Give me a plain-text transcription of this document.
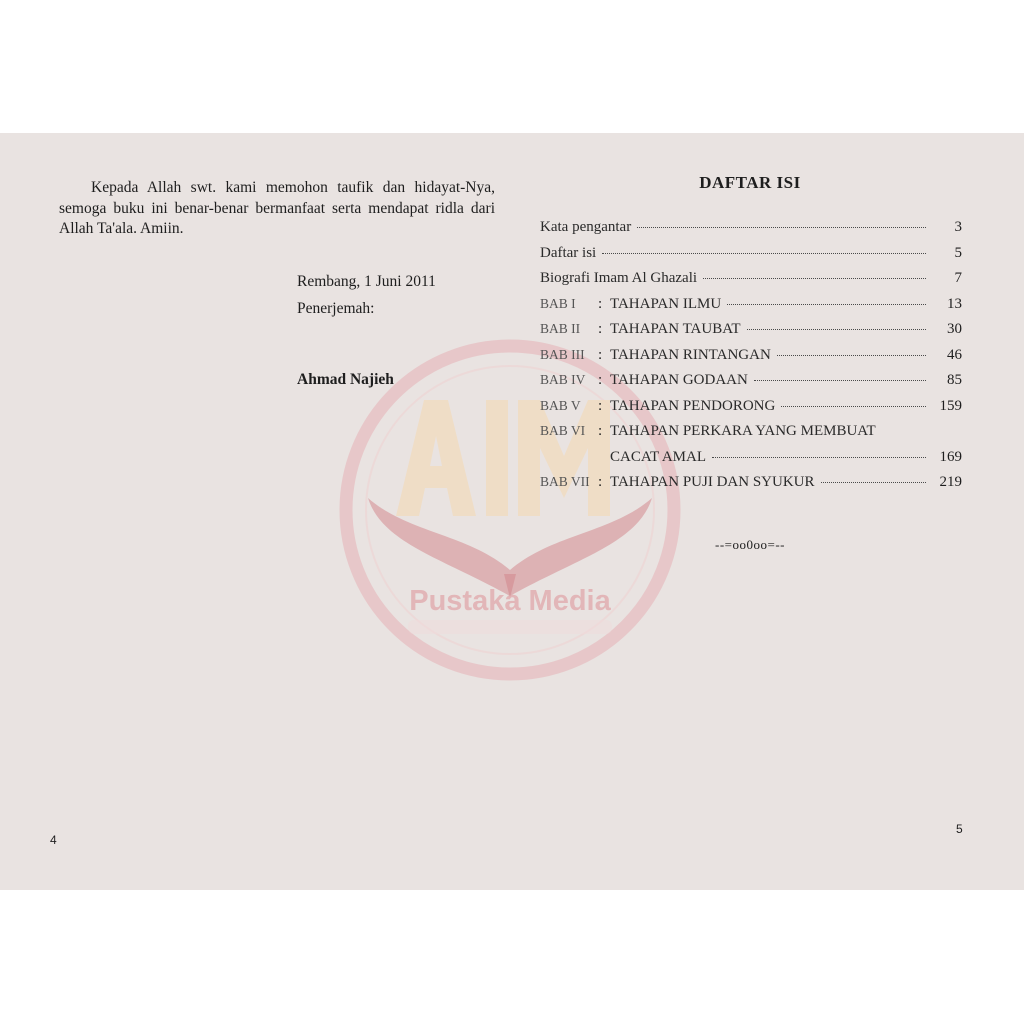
Pustaka Media

Kepada Allah swt. kami memohon taufik dan hidayat-Nya, semoga buku ini benar-benar bermanfaat serta mendapat ridla dari Allah Ta'ala. Amiin.

Rembang, 1 Juni 2011

Penerjemah:

Ahmad Najieh

4

DAFTAR ISI
Kata pengantar	3
Daftar isi	5
Biografi Imam Al Ghazali	7
BAB I	: TAHAPAN ILMU	13
BAB II	: TAHAPAN TAUBAT	30
BAB III : TAHAPAN RINTANGAN	46
BAB IV : TAHAPAN GODAAN	85
BAB V	: TAHAPAN PENDORONG	159
BAB VI : TAHAPAN PERKARA YANG MEMBUAT
CACAT AMAL	169
BAB VII : TAHAPAN PUJI DAN SYUKUR	219

--=oo0oo=--

5
